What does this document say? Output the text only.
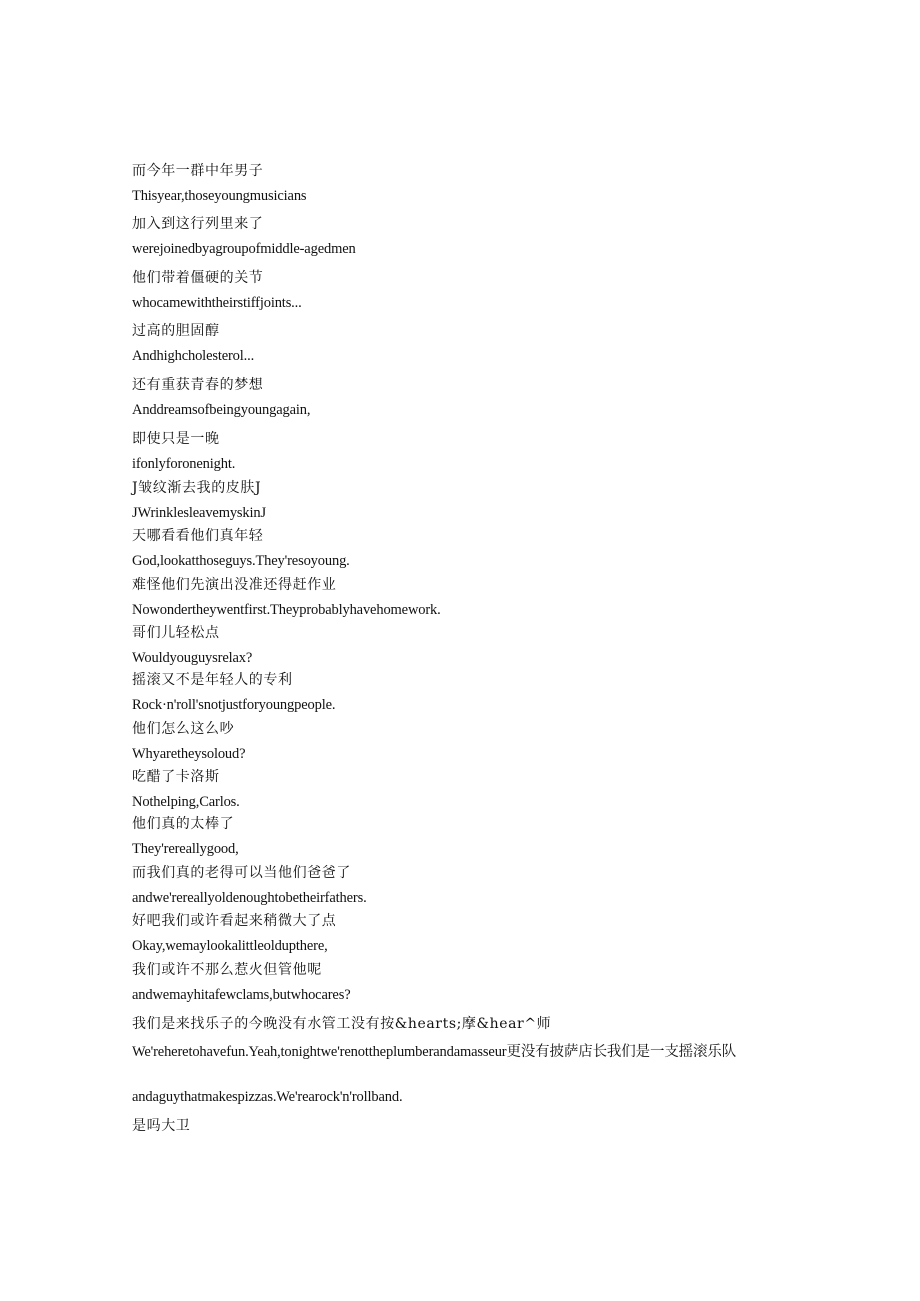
而今年一群中年男子

Thisyear,thoseyoungmusicians

加入到这行列里来了

werejoinedbyagroupofmiddle-agedmen

他们带着僵硬的关节

whocamewiththeirstiffjoints...

过高的胆固醇

Andhighcholesterol...

还有重获青春的梦想

Anddreamsofbeingyoungagain,

即使只是一晚

ifonlyforonenight.

J皱纹渐去我的皮肤J

JWrinklesleavemyskinJ

天哪看看他们真年轻

God,lookatthoseguys.They'resoyoung.

难怪他们先演出没准还得赶作业

Nowondertheywentfirst.Theyprobablyhavehomework.

哥们儿轻松点

Wouldyouguysrelax?

摇滚又不是年轻人的专利

Rock·n'roll'snotjustforyoungpeople.

他们怎么这么吵

Whyaretheysoloud?

吃醋了卡洛斯

Nothelping,Carlos.

他们真的太棒了

They'rereallygood,

而我们真的老得可以当他们爸爸了

andwe'rereallyoldenoughtobetheirfathers.

好吧我们或许看起来稍微大了点

Okay,wemaylookalittleoldupthere,

我们或许不那么惹火但管他呢

andwemayhitafewclams,butwhocares?

我们是来找乐子的今晚没有水管工没有按&hearts;摩&hear^师

We'reheretohavefun.Yeah,tonightwe'renottheplumberandamasseur更没有披萨店长我们是一支摇滚乐队

andaguythatmakespizzas.We'rearock'n'rollband.

是吗大卫
